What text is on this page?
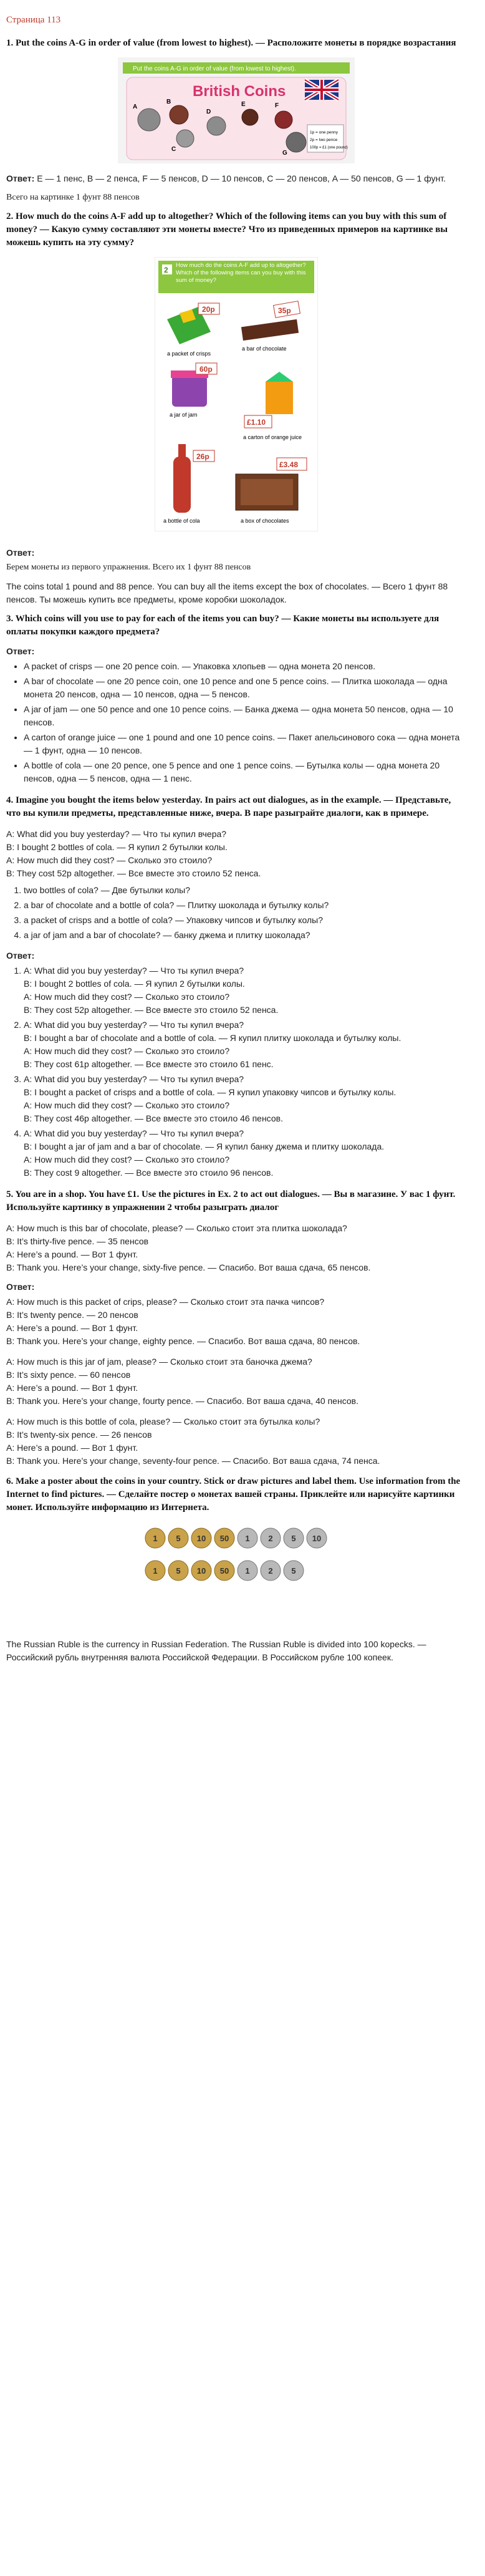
Страница 113
1. Put the coins A-G in order of value (from lowest to highest). — Расположите монеты в порядке возрастания
Put the coins A-G in order of value (from lowest to highest).
British Coins
A
B
C
D
E	F
G
1p = one penny
2p = two pence
100p = £1 (one pound)

Ответ: E — 1 пенс, B — 2 пенса, F — 5 пенсов, D — 10 пенсов, C — 20 пенсов, A — 50 пенсов, G — 1 фунт.

Всего на картинке 1 фунт 88 пенсов

2. How much do the coins A-F add up to altogether? Which of the following items can you buy with this sum of money? — Какую сумму составляют эти монеты вместе? Что из приведенных примеров на картинке вы можешь купить на эту сумму?
2
How much do the coins A-F add up to altogether? Which of the following items can you buy with this sum of money?
20p
a packet of crisps
35p
a bar of chocolate
60p
a jar of jam
£1.10
a carton of orange juice
26p
a bottle of cola
£3.48
a box of chocolates

Ответ:

Берем монеты из первого упражнения. Всего их 1 фунт 88 пенсов

The coins total 1 pound and 88 pence. You can buy all the items except the box of chocolates. — Всего 1 фунт 88 пенсов. Ты можешь купить все предметы, кроме коробки шоколадок.

3. Which coins will you use to pay for each of the items you can buy? — Какие монеты вы используете для оплаты покупки каждого предмета?

Ответ:

• A packet of crisps — one 20 pence coin. — Упаковка хлопьев — одна монета 20 пенсов.
• A bar of chocolate — one 20 pence coin, one 10 pence and one 5 pence coins. — Плитка шоколада — одна монета 20 пенсов, одна — 10 пенсов, одна — 5 пенсов.
• A jar of jam — one 50 pence and one 10 pence coins. — Банка джема — одна монета 50 пенсов, одна — 10 пенсов.
• A carton of orange juice — one 1 pound and one 10 pence coins. — Пакет апельсинового сока — одна монета — 1 фунт, одна — 10 пенсов.
• A bottle of cola — one 20 pence, one 5 pence and one 1 pence coins. — Бутылка колы — одна монета 20 пенсов, одна — 5 пенсов, одна — 1 пенс.
4. Imagine you bought the items below yesterday. In pairs act out dialogues, as in the example. — Представьте, что вы купили предметы, представленные ниже, вчера. В паре разыграйте диалоги, как в примере.

A: What did you buy yesterday? — Что ты купил вчера?

B: I bought 2 bottles of cola. — Я купил 2 бутылки колы.

A: How much did they cost? — Сколько это стоило?

B: They cost 52p altogether. — Все вместе это стоило 52 пенса.

1. two bottles of cola? — Две бутылки колы?
2. a bar of chocolate and a bottle of cola? — Плитку шоколада и бутылку колы?
3. a packet of crisps and a bottle of cola? — Упаковку чипсов и бутылку колы?
4. a jar of jam and a bar of chocolate? — банку джема и плитку шоколада?

Ответ:

1. A: What did you buy yesterday? — Что ты купил вчера?

B: I bought 2 bottles of cola. — Я купил 2 бутылки колы.

A: How much did they cost? — Сколько это стоило?

B: They cost 52p altogether. — Все вместе это стоило 52 пенса.

2. A: What did you buy yesterday? — Что ты купил вчера?

B: I bought a bar of chocolate and a bottle of cola. — Я купил плитку шоколада и бутылку колы.

A: How much did they cost? — Сколько это стоило?

B: They cost 61p altogether. — Все вместе это стоило 61 пенс.

3. A: What did you buy yesterday? — Что ты купил вчера?

B: I bought a packet of crisps and a bottle of cola. — Я купил упаковку чипсов и бутылку колы.

A: How much did they cost? — Сколько это стоило?

B: They cost 46p altogether. — Все вместе это стоило 46 пенсов.

4. A: What did you buy yesterday? — Что ты купил вчера?

B: I bought a jar of jam and a bar of chocolate. — Я купил банку джема и плитку шоколада.

A: How much did they cost? — Сколько это стоило?

B: They cost 9 altogether. — Все вместе это стоило 96 пенсов.

5. You are in a shop. You have £1. Use the pictures in Ex. 2 to act out dialogues. — Вы в магазине. У вас 1 фунт. Используйте картинку в упражнении 2 чтобы разыграть диалог

A: How much is this bar of chocolate, please? — Сколько стоит эта плитка шоколада?

B: It’s thirty-five pence. — 35 пенсов

A: Here’s a pound. — Вот 1 фунт.

B: Thank you. Here’s your change, sixty-five pence. — Спасибо. Вот ваша сдача, 65 пенсов.

Ответ:

A: How much is this packet of crips, please? — Сколько стоит эта пачка чипсов?

B: It’s twenty pence. — 20 пенсов

A: Here’s a pound. — Вот 1 фунт.

B: Thank you. Here’s your change, eighty pence. — Спасибо. Вот ваша сдача, 80 пенсов.

A: How much is this jar of jam, please? — Сколько стоит эта баночка джема?

B: It’s sixty pence. — 60 пенсов

A: Here’s a pound. — Вот 1 фунт.

B: Thank you. Here’s your change, fourty pence. — Спасибо. Вот ваша сдача, 40 пенсов.

A: How much is this bottle of cola, please? — Сколько стоит эта бутылка колы?

B: It’s twenty-six pence. — 26 пенсов

A: Here’s a pound. — Вот 1 фунт.

B: Thank you. Here’s your change, seventy-four pence. — Спасибо. Вот ваша сдача, 74 пенса.

6. Make a poster about the coins in your country. Stick or draw pictures and label them. Use information from the Internet to find pictures. — Сделайте постер о монетах вашей страны. Приклейте или нарисуйте картинки монет. Используйте информацию из Интернета.
1 5 10 50 1 2 5 10
1 5 10 50 1 2 5

The Russian Ruble is the currency in Russian Federation. The Russian Ruble is divided into 100 kopecks. — Российский рубль внутренняя валюта Российской Федерации. В Российском рубле 100 копеек.
